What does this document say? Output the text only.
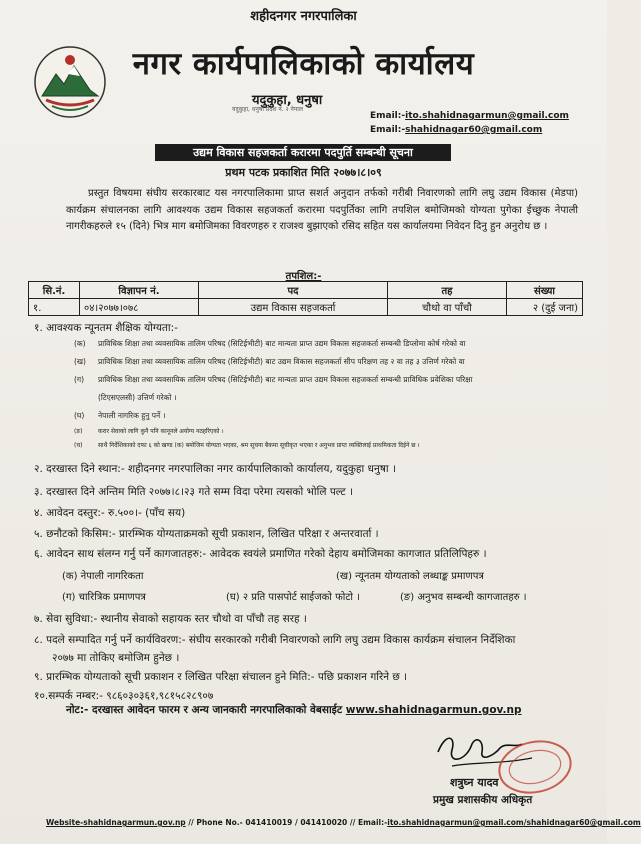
शहीदनगर नगरपालिका
नगर कार्यपालिकाको कार्यालय
यदुकुहा, धनुषा
यदुकुहा, धनुषा प्रदेश नं. २ नेपाल
Email:-ito.shahidnagarmun@gmail.com
Email:-shahidnagar60@gmail.com
उद्यम विकास सहजकर्ता करारमा पदपुर्ति सम्बन्धी सूचना
प्रथम पटक प्रकाशित मिति २०७७।८।०९
प्रस्तुत विषयमा संघीय सरकारबाट यस नगरपालिकामा प्राप्त सशर्त अनुदान तर्फको गरीबी निवारणको लागि लघु उद्यम विकास (मेडपा) कार्यक्रम संचालनका लागि आवश्यक उद्यम विकास सहजकर्ता करारमा पदपुर्तिका लागि तपशिल बमोजिमको योग्यता पुगेका ईच्छुक नेपाली नागरीकहरुले १५ (दिने) भित्र माग बमोजिमका विवरणहरु र राजश्व बुझाएको रसिद सहित यस कार्यालयमा निवेदन दिनु हुन अनुरोध छ ।
तपशिल:-
सि.नं.	विज्ञापन नं.	पद	तह	संख्या
१.	०४।२०७७।०७८	उद्यम विकास सहजकर्ता	चौथो वा पाँचौ	२ (दुई जना)
१. आवश्यक न्यूनतम शैक्षिक योग्यता:-
(क) प्राविधिक शिक्षा तथा व्यवसायिक तालिम परिषद (सिटिईभीटी) बाट मान्यता प्राप्त उद्यम विकास सहजकर्ता सम्बन्धी डिप्लोमा कोर्ष गरेको वा
(ख) प्राविधिक शिक्षा तथा व्यवसायिक तालिम परिषद (सिटिईभीटी) बाट उद्यम विकास सहजकर्ता सीप परिक्षण तह २ वा तह ३ उत्तिर्ण गरेको वा
(ग) प्राविधिक शिक्षा तथा व्यवसायिक तालिम परिषद (सिटिईभीटी) बाट मान्यता प्राप्त उद्यम विकास सहजकर्ता सम्बन्धी प्राविधिक प्रवेशिका परिक्षा
(टिएसएलसी) उत्तिर्ण गरेको ।
(घ) नेपाली नागरिक हुनु पर्ने ।
(ङ)	करार सेवाको लागि कुनै पनि कानूनले अयोग्य नठहरिएको ।
(च)	साथै निर्देशिकाको दफा ६ को खण्ड (क) बमोजिम योग्यता भएका, श्रम सूचना बैकमा सूचीकृत भएका र अनुभव प्राप्त व्यक्तिलाई प्राथमिकता दिईने छ ।
२. दरखास्त दिने स्थान:- शहीदनगर नगरपालिका नगर कार्यपालिकाको कार्यालय, यदुकुहा धनुषा ।
३. दरखास्त दिने अन्तिम मिति २०७७।८।२३ गते सम्म विदा परेमा त्यसको भोलि पल्ट ।
४. आवेदन दस्तुर:- रु.५००।- (पाँच सय)
५. छनौटको किसिम:- प्रारम्भिक योग्यताक्रमको सूची प्रकाशन, लिखित परिक्षा र अन्तरवार्ता ।
६. आवेदन साथ संलग्न गर्नु पर्ने कागजातहरु:- आवेदक स्वयंले प्रमाणित गरेको देहाय बमोजिमका कागजात प्रतिलिपिहरु ।
(क) नेपाली नागरिकता	(ख) न्यूनतम योग्यताको लब्धाङ्क प्रमाणपत्र
(ग) चारित्रिक प्रमाणपत्र	(घ) २ प्रति पासपोर्ट साईजको फोटो ।	(ङ) अनुभव सम्बन्धी कागजातहरु ।
७. सेवा सुविधा:- स्थानीय सेवाको सहायक स्तर चौथो वा पाँचौ तह सरह ।
८. पदले सम्पादित गर्नु पर्ने कार्यविवरण:- संघीय सरकारको गरीबी निवारणको लागि लघु उद्यम विकास कार्यक्रम संचालन निर्देशिका
२०७७ मा तोकिए बमोजिम हुनेछ ।
९. प्रारम्भिक योग्यताको सूची प्रकाशन र लिखित परिक्षा संचालन हुने मिति:- पछि प्रकाशन गरिने छ ।
१०.सम्पर्क नम्बर:- ९८६०३०३६१,९८१५८२८९०७
नोट:- दरखास्त आवेदन फारम र अन्य जानकारी नगरपालिकाको वेबसाईट www.shahidnagarmun.gov.np
शत्रुघ्न यादव
प्रमुख प्रशासकीय अधिकृत
Website-shahidnagarmun.gov.np // Phone No.- 041410019 / 041410020 // Email:-ito.shahidnagarmun@gmail.com/shahidnagar60@gmail.com
